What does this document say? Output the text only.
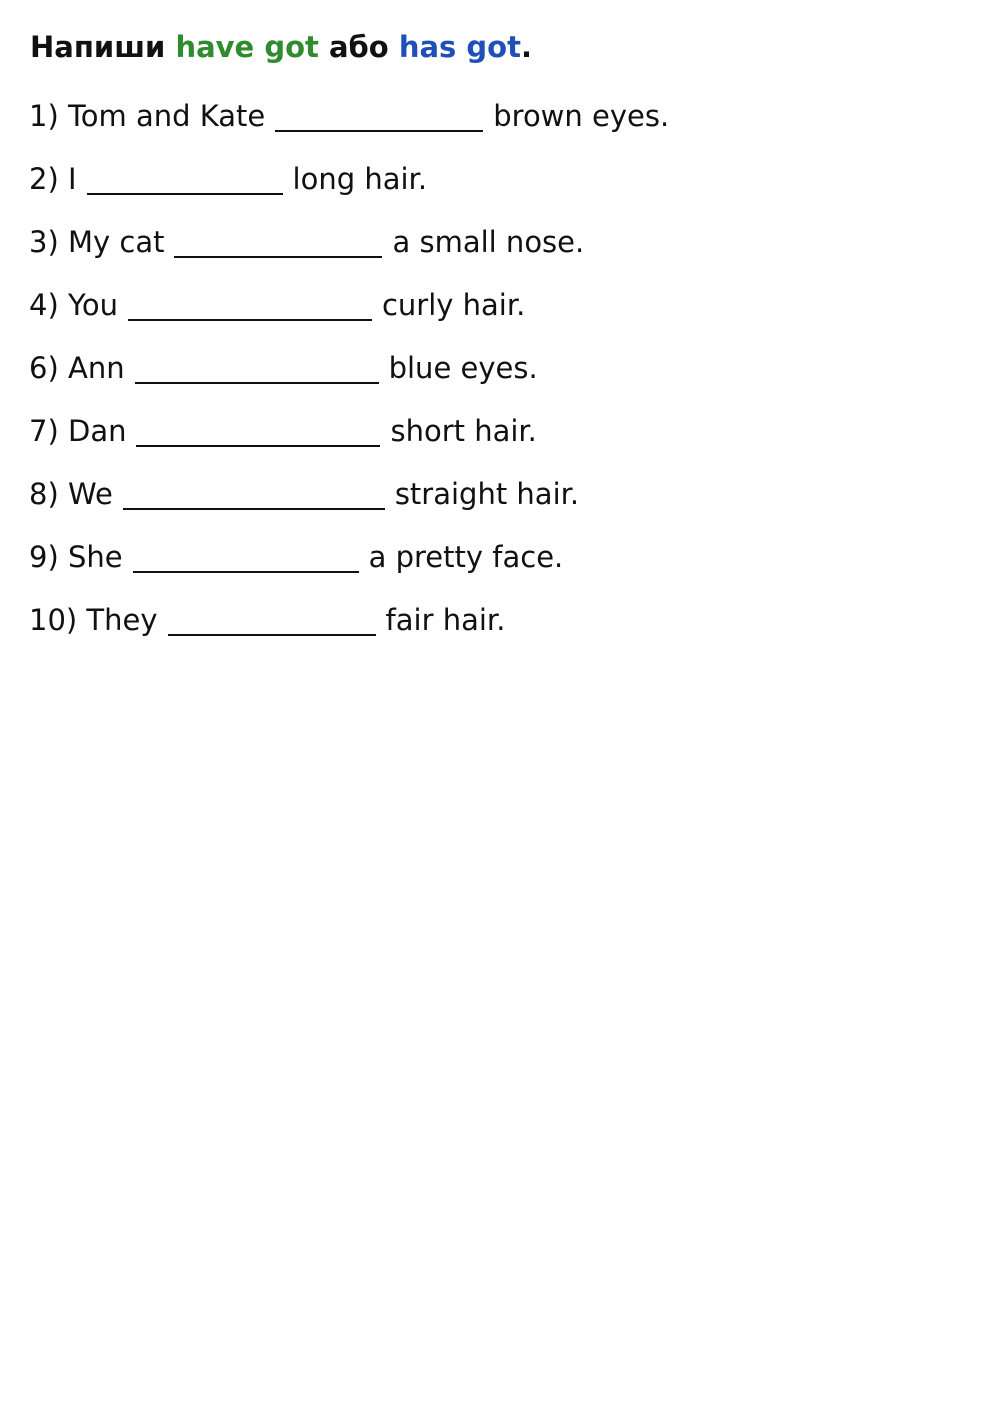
Напиши have got або has got.
1) Tom and Kate	brown eyes.
2) I	long hair.
3) My cat	a small nose.
4) You	curly hair.
6) Ann	blue eyes.
7) Dan	short hair.
8) We	straight hair.
9) She	a pretty face.
10) They	fair hair.
